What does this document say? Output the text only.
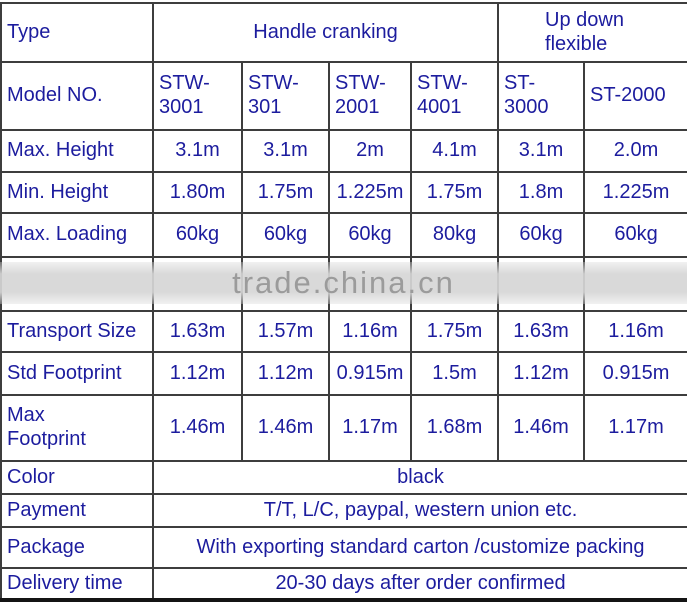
Type	Handle cranking				Up down flexible	
Model NO.	STW-3001	STW-301	STW-2001	STW-4001	ST-3000	ST-2000
Max. Height	3.1m	3.1m	2m	4.1m	3.1m	2.0m
Min. Height	1.80m	1.75m	1.225m	1.75m	1.8m	1.225m
Max. Loading	60kg	60kg	60kg	80kg	60kg	60kg

Transport Size	1.63m	1.57m	1.16m	1.75m	1.63m	1.16m
Std Footprint	1.12m	1.12m	0.915m	1.5m	1.12m	0.915m
Max Footprint	1.46m	1.46m	1.17m	1.68m	1.46m	1.17m
Color	black					
Payment	T/T, L/C, paypal, western union etc.					
Package	With exporting standard carton /customize packing					
Delivery time	20-30 days after order confirmed					
trade.china.cn
